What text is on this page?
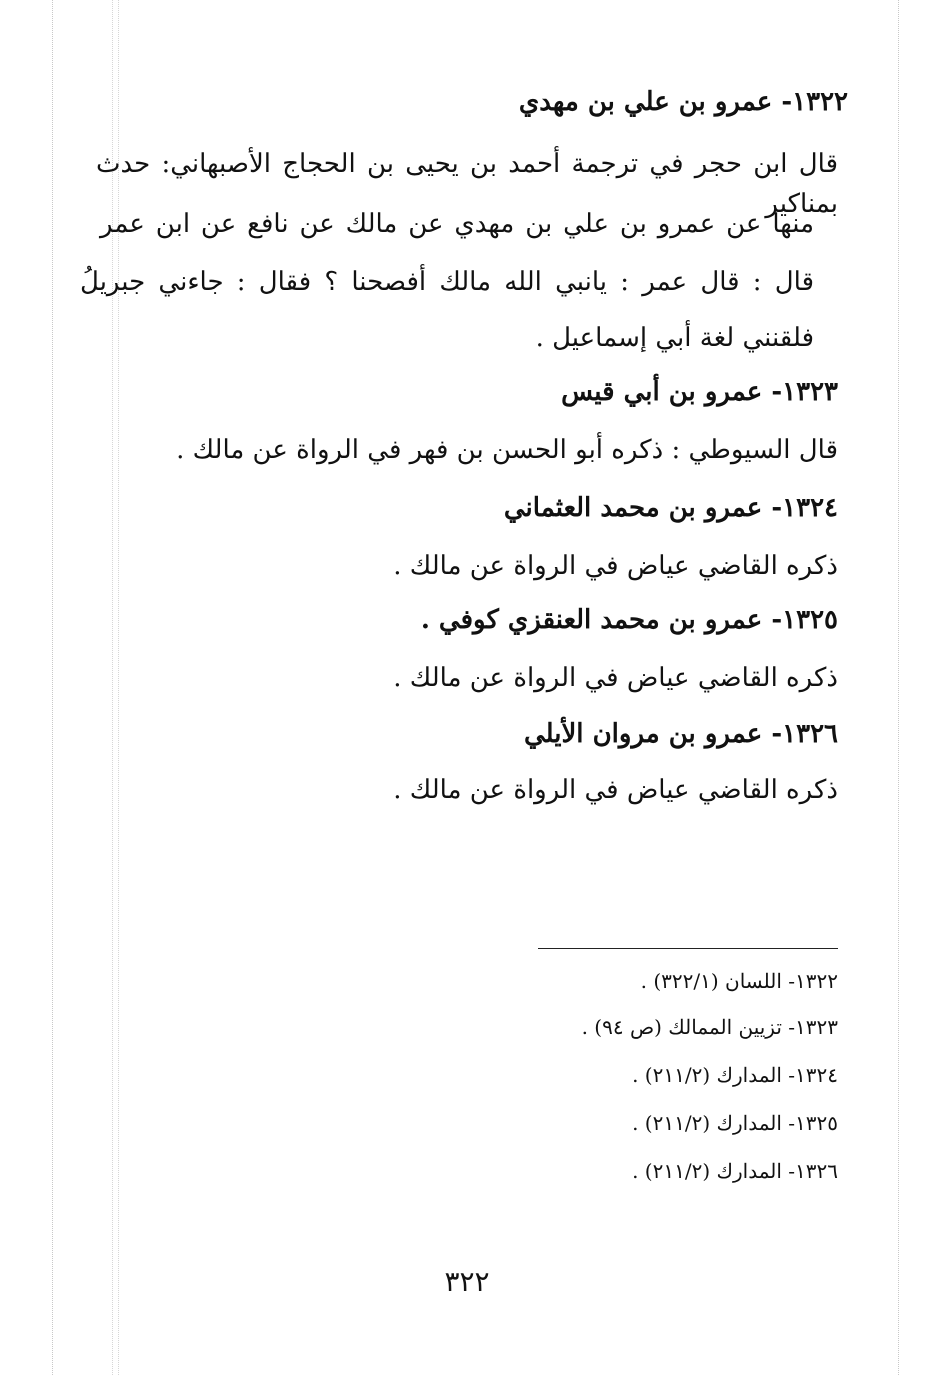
١٣٢٢- عمرو بن علي بن مهدي
قال ابن حجر في ترجمة أحمد بن يحيى بن الحجاج الأصبهاني: حدث بمناكير
منها عن عمرو بن علي بن مهدي عن مالك عن نافع عن ابن عمر
قال : قال عمر : يانبي الله مالك أفصحنا ؟ فقال : جاءني جبريلُ
فلقنني لغة أبي إسماعيل .
١٣٢٣- عمرو بن أبي قيس
قال السيوطي : ذكره أبو الحسن بن فهر في الرواة عن مالك .
١٣٢٤- عمرو بن محمد العثماني
ذكره القاضي عياض في الرواة عن مالك .
١٣٢٥- عمرو بن محمد العنقزي كوفي .
ذكره القاضي عياض في الرواة عن مالك .
١٣٢٦- عمرو بن مروان الأيلي
ذكره القاضي عياض في الرواة عن مالك .
١٣٢٢- اللسان (٣٢٢/١) .
١٣٢٣- تزيين الممالك (ص ٩٤) .
١٣٢٤- المدارك (٢١١/٢) .
١٣٢٥- المدارك (٢١١/٢) .
١٣٢٦- المدارك (٢١١/٢) .
٣٢٢
